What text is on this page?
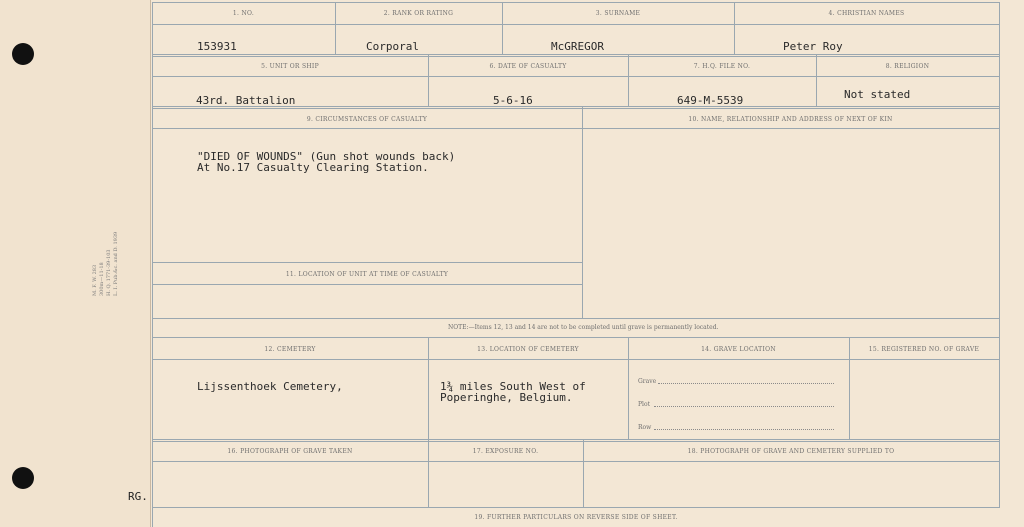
M. F. W. 283
300m—11-18
H. Q. 1771-39-103
L. I. Pub.&c. and
RG.
1. NO.	2. RANK OR RATING	3. SURNAME	4. CHRISTIAN NAMES
153931	Corporal	McGREGOR	Peter Roy
5. UNIT OR SHIP	6. DATE OF CASUALTY	7. H.Q. FILE NO.	8. RELIGION
43rd. Battalion	5-6-16	649-M-5539	Not stated
9. CIRCUMSTANCES OF CASUALTY	10. NAME, RELATIONSHIP AND ADDRESS OF NEXT OF KIN
"DIED OF WOUNDS" (Gun shot wounds back)
At No.17 Casualty Clearing Station.
11. LOCATION OF UNIT AT TIME OF CASUALTY
NOTE:—Items 12, 13 and 14 are not to be completed until grave is permanently located.
12. CEMETERY	13. LOCATION OF CEMETERY	14. GRAVE LOCATION	15. REGISTERED NO. OF GRAVE
Lijssenthoek Cemetery,	1¾ miles South West of
Poperinghe, Belgium.
Grave
Plot
Row
16. PHOTOGRAPH OF GRAVE TAKEN	17. EXPOSURE NO.	18. PHOTOGRAPH OF GRAVE AND CEMETERY SUPPLIED TO
19. FURTHER PARTICULARS ON REVERSE SIDE OF SHEET.
